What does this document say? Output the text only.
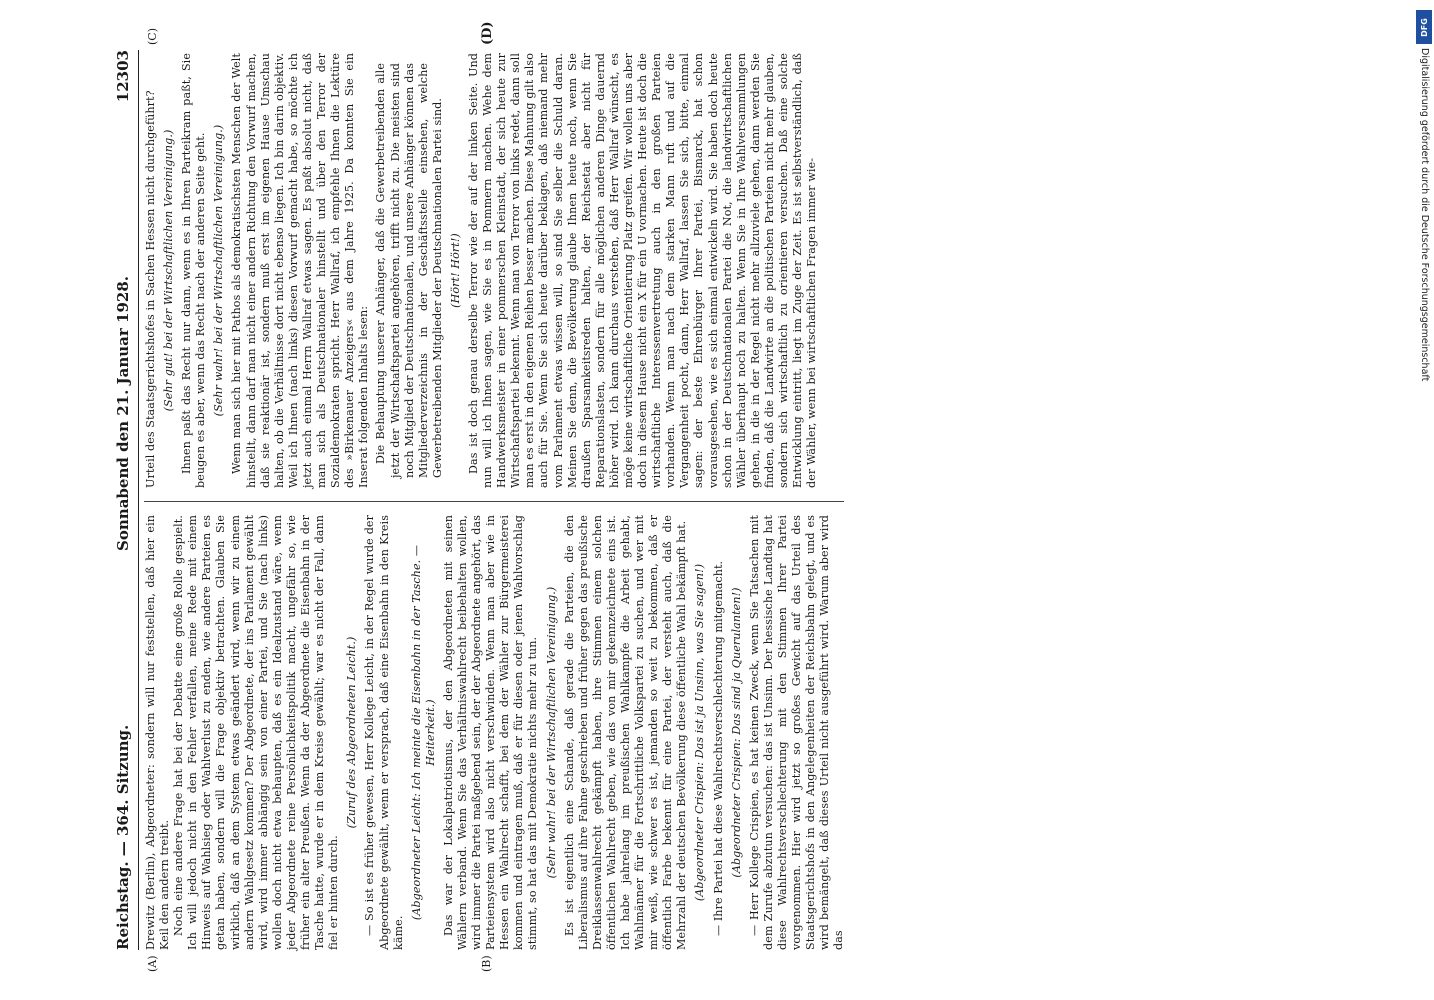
Reichstag. — 364. Sitzung.
Sonnabend den 21. Januar 1928.
12303
(A)	(B)
(C)	(D)

Drewitz (Berlin), Abgeordneter: sondern will nur feststellen, daß hier ein Keil den andern treibt. Noch eine andere Frage hat bei der Debatte eine große Rolle gespielt. Ich will jedoch nicht in den Fehler verfallen, meine Rede mit einem Hinweis auf Wahlsieg oder Wahlverlust zu enden, wie andere Parteien es getan haben, sondern will die Frage objektiv betrachten. Glauben Sie wirklich, daß an dem System etwas geändert wird, wenn wir zu einem andern Wahlgesetz kommen? Der Abgeordnete, der ins Parlament gewählt wird, wird immer abhängig sein von einer Partei, und Sie (nach links) wollen doch nicht etwa behaupten, daß es ein Idealzustand wäre, wenn jeder Abgeordnete reine Persönlichkeitspolitik macht, ungefähr so, wie früher ein alter Preußen. Wenn da der Abgeordnete die Eisenbahn in der Tasche hatte, wurde er in dem Kreise gewählt; war es nicht der Fall, dann fiel er hinten durch.

(Zuruf des Abgeordneten Leicht.) — So ist es früher gewesen, Herr Kollege Leicht, in der Regel wurde der Abgeordnete gewählt, wenn er versprach, daß eine Eisenbahn in den Kreis käme.

(Abgeordneter Leicht: Ich meinte die Eisenbahn in der Tasche. — Heiterkeit.) Das war der Lokalpatriotismus, der den Abgeordneten mit seinen Wählern verband. Wenn Sie das Verhältniswahlrecht beibehalten wollen, wird immer die Partei maßgebend sein, der der Abgeordnete angehört, das Parteiensystem wird also nicht verschwinden. Wenn man aber wie in Hessen ein Wahlrecht schafft, bei dem der Wähler zur Bürgermeisterei kommen und eintragen muß, daß er für diesen oder jenen Wahlvorschlag stimmt, so hat das mit Demokratie nichts mehr zu tun. (Sehr wahr! bei der Wirtschaftlichen Vereinigung.) Es ist eigentlich eine Schande, daß gerade die Parteien, die den Liberalismus auf ihre Fahne geschrieben und früher gegen das preußische Dreiklassenwahlrecht gekämpft haben, ihre Stimmen einem solchen öffentlichen Wahlrecht geben, wie das von mir gekennzeichnete eins ist. Ich habe jahrelang im preußischen Wahlkampfe die Arbeit gehabt, Wahlmänner für die Fortschrittliche Volkspartei zu suchen, und wer mit mir weiß, wie schwer es ist, jemanden so weit zu bekommen, daß er öffentlich Farbe bekennt für eine Partei, der versteht auch, daß die Mehrzahl der deutschen Bevölkerung diese öffentliche Wahl bekämpft hat. (Abgeordneter Crispien: Das ist ja Unsinn, was Sie sagen!) — Ihre Partei hat diese Wahlrechtsverschlechterung mitgemacht. (Abgeordneter Crispien: Das sind ja Querulanten!) — Herr Kollege Crispien, es hat keinen Zweck, wenn Sie Tatsachen mit dem Zurufe abzutun versuchen: das ist Unsinn. Der hessische Landtag hat diese Wahlrechtsverschlechterung mit den Stimmen Ihrer Partei vorgenommen. Hier wird jetzt so großes Gewicht auf das Urteil des Staatsgerichtshofs in den Angelegenheiten der Reichsbahn gelegt, und es wird bemängelt, daß dieses Urteil nicht ausgeführt wird. Warum aber wird das

Urteil des Staatsgerichtshofes in Sachen Hessen nicht durchgeführt? (Sehr gut! bei der Wirtschaftlichen Vereinigung.) Ihnen paßt das Recht nur dann, wenn es in Ihren Parteikram paßt, Sie beugen es aber, wenn das Recht nach der anderen Seite geht. (Sehr wahr! bei der Wirtschaftlichen Vereinigung.) Wenn man sich hier mit Pathos als demokratischsten Menschen der Welt hinstellt, dann darf man nicht einer andern Richtung den Vorwurf machen, daß sie reaktionär ist, sondern muß erst im eigenen Hause Umschau halten, ob die Verhältnisse dort nicht ebenso liegen. Ich bin darin objektiv. Weil ich Ihnen (nach links) diesen Vorwurf gemacht habe, so möchte ich jetzt auch einmal Herrn Wallraf etwas sagen. Es paßt absolut nicht, daß man sich als Deutschnationaler hinstellt und über den Terror der Sozialdemokraten spricht. Herr Wallraf, ich empfehle Ihnen die Lektüre des »Birkenauer Anzeigers« aus dem Jahre 1925. Da konnten Sie ein Inserat folgenden Inhalts lesen: Die Behauptung unserer Anhänger, daß die Gewerbetreibenden alle jetzt der Wirtschaftspartei angehören, trifft nicht zu. Die meisten sind noch Mitglied der Deutschnationalen, und unsere Anhänger können das Mitgliederverzeichnis in der Geschäftsstelle einsehen, welche Gewerbetreibenden Mitglieder der Deutschnationalen Partei sind. (Hört! Hört!) Das ist doch genau derselbe Terror wie der auf der linken Seite. Und nun will ich Ihnen sagen, wie Sie es in Pommern machen. Wehe dem Handwerksmeister in einer pommerschen Kleinstadt, der sich heute zur Wirtschaftspartei bekennt. Wenn man von Terror von links redet, dann soll man es erst in den eigenen Reihen besser machen. Diese Mahnung gilt also auch für Sie. Wenn Sie sich heute darüber beklagen, daß niemand mehr vom Parlament etwas wissen will, so sind Sie selber die Schuld daran. Meinen Sie denn, die Bevölkerung glaube Ihnen heute noch, wenn Sie draußen Sparsamkeitsreden halten, der Reichsetat aber nicht für Reparationslasten, sondern für alle möglichen anderen Dinge dauernd höher wird. Ich kann durchaus verstehen, daß Herr Wallraf wünscht, es möge keine wirtschaftliche Orientierung Platz greifen. Wir wollen uns aber doch in diesem Hause nicht ein X für ein U vormachen. Heute ist doch die wirtschaftliche Interessenvertretung auch in den großen Parteien vorhanden. Wenn man nach dem starken Mann ruft und auf die Vergangenheit pocht, dann, Herr Wallraf, lassen Sie sich, bitte, einmal sagen: der beste Ehrenbürger Ihrer Partei, Bismarck, hat schon vorausgesehen, wie es sich einmal entwickeln wird. Sie haben doch heute schon in der Deutschnationalen Partei die Not, die landwirtschaftlichen Wähler überhaupt noch zu halten. Wenn Sie in Ihre Wahlversammlungen gehen, in die in der Regel nicht mehr allzuviele gehen, dann werden Sie finden, daß die Landwirte an die politischen Parteien nicht mehr glauben, sondern sich wirtschaftlich zu orientieren versuchen. Daß eine solche Entwicklung eintritt, liegt im Zuge der Zeit. Es ist selbstverständlich, daß der Wähler, wenn bei wirtschaftlichen Fragen immer wie-

DFG
Digitalisierung gefördert durch die Deutsche Forschungsgemeinschaft
